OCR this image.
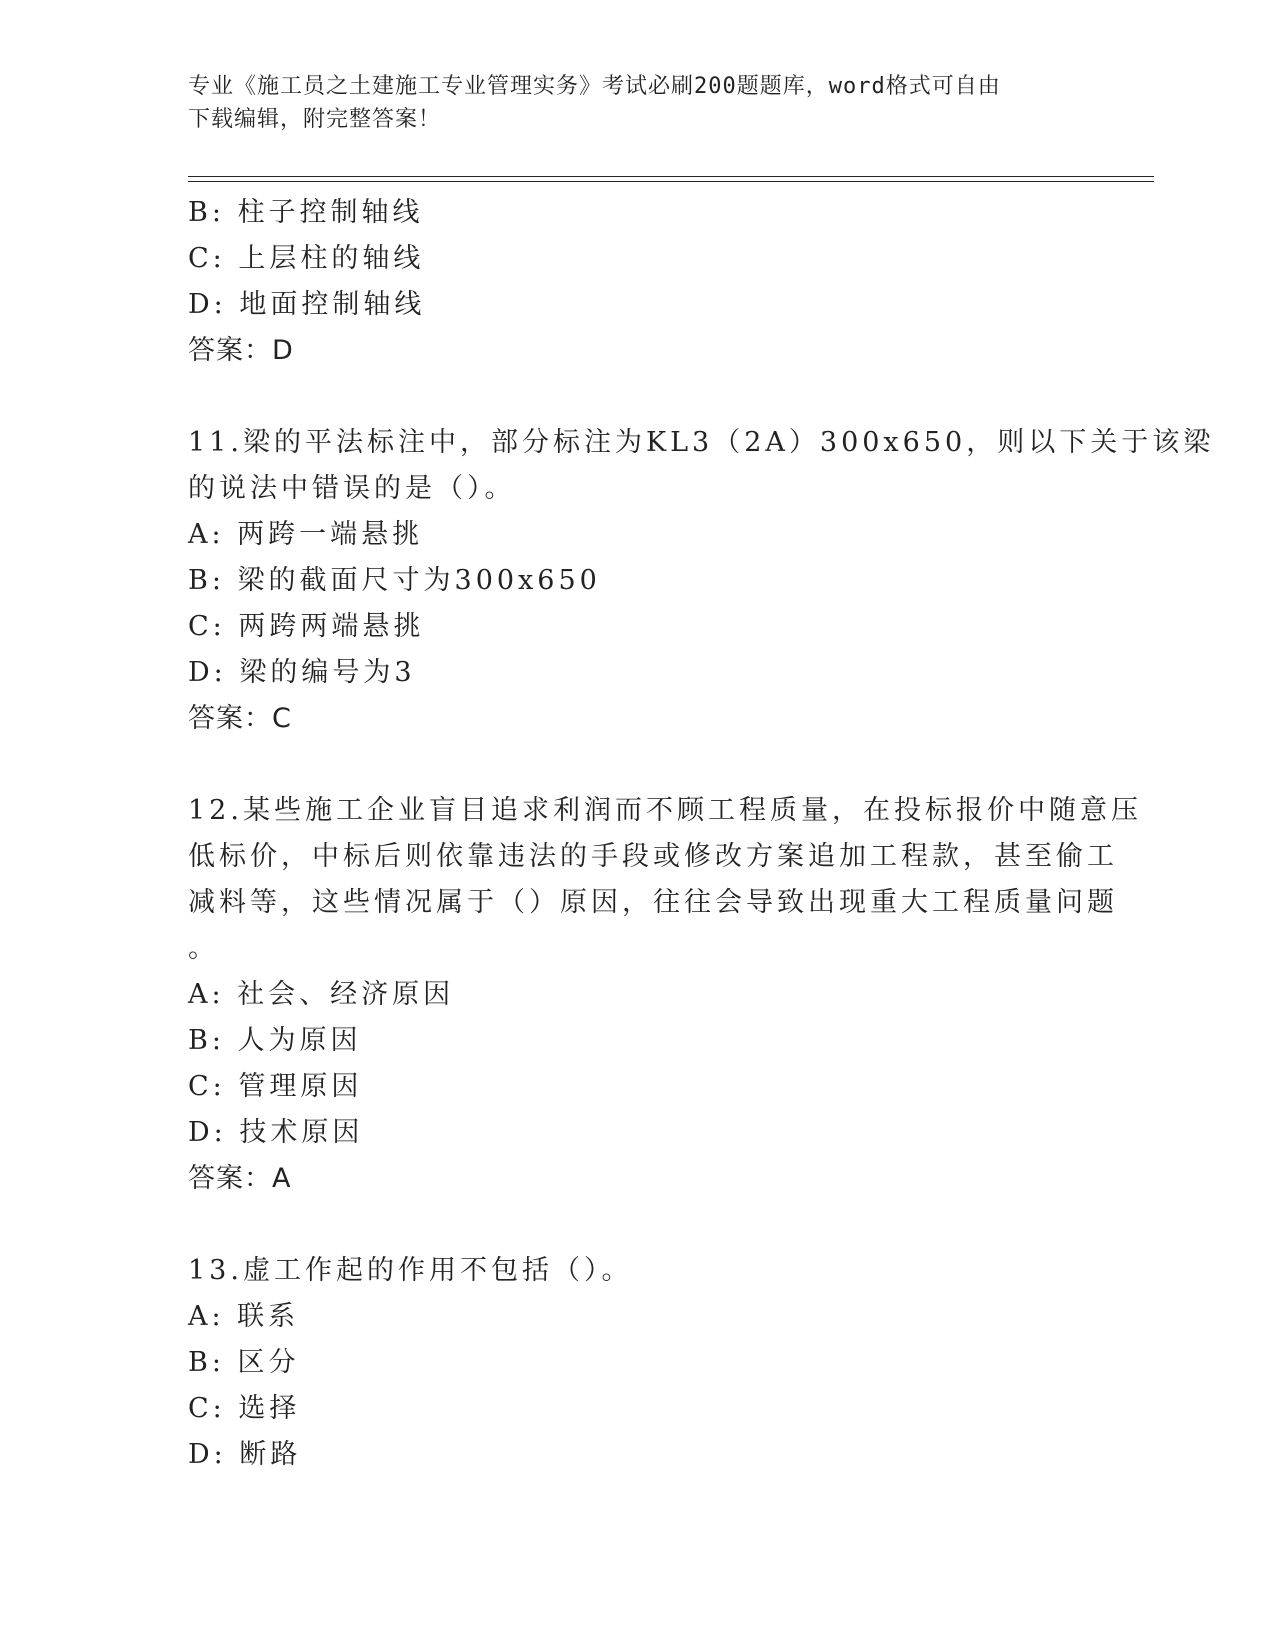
专业《施工员之土建施工专业管理实务》考试必刷200题题库，word格式可自由
下载编辑，附完整答案！
B: 柱子控制轴线
C: 上层柱的轴线
D: 地面控制轴线
答案：D
11.梁的平法标注中，部分标注为KL3（2A）300x650，则以下关于该梁
的说法中错误的是（）。
A: 两跨一端悬挑
B: 梁的截面尺寸为300x650
C: 两跨两端悬挑
D: 梁的编号为3
答案：C
12.某些施工企业盲目追求利润而不顾工程质量，在投标报价中随意压
低标价，中标后则依靠违法的手段或修改方案追加工程款，甚至偷工
减料等，这些情况属于（）原因，往往会导致出现重大工程质量问题
。
A: 社会、经济原因
B: 人为原因
C: 管理原因
D: 技术原因
答案：A
13.虚工作起的作用不包括（）。
A: 联系
B: 区分
C: 选择
D: 断路
